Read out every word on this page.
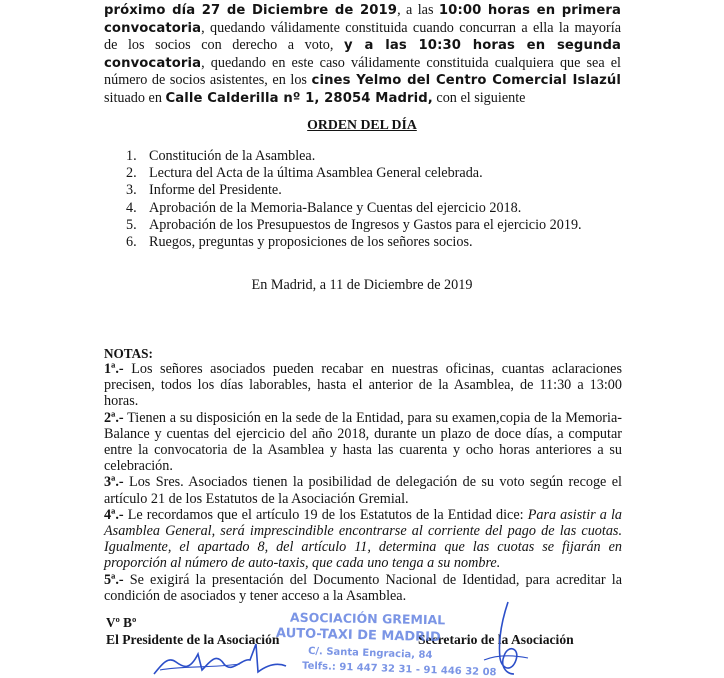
próximo día 27 de Diciembre de 2019, a las 10:00 horas en primera convocatoria, quedando válidamente constituida cuando concurran a ella la mayoría de los socios con derecho a voto, y a las 10:30 horas en segunda convocatoria, quedando en este caso válidamente constituida cualquiera que sea el número de socios asistentes, en los cines Yelmo del Centro Comercial Islazúl situado en Calle Calderilla nº 1, 28054 Madrid, con el siguiente

ORDEN DEL DÍA

1. Constitución de la Asamblea.
2. Lectura del Acta de la última Asamblea General celebrada.
3. Informe del Presidente.
4. Aprobación de la Memoria-Balance y Cuentas del ejercicio 2018.
5. Aprobación de los Presupuestos de Ingresos y Gastos para el ejercicio 2019.
6. Ruegos, preguntas y proposiciones de los señores socios.

En Madrid, a 11 de Diciembre de 2019

NOTAS:

1ª.- Los señores asociados pueden recabar en nuestras oficinas, cuantas aclaraciones precisen, todos los días laborables, hasta el anterior de la Asamblea, de 11:30 a 13:00 horas.

2ª.- Tienen a su disposición en la sede de la Entidad, para su examen,copia de la Memoria-Balance y cuentas del ejercicio del año 2018, durante un plazo de doce días, a computar entre la convocatoria de la Asamblea y hasta las cuarenta y ocho horas anteriores a su celebración.

3ª.- Los Sres. Asociados tienen la posibilidad de delegación de su voto según recoge el artículo 21 de los Estatutos de la Asociación Gremial.

4ª.- Le recordamos que el artículo 19 de los Estatutos de la Entidad dice: Para asistir a la Asamblea General, será imprescindible encontrarse al corriente del pago de las cuotas. Igualmente, el apartado 8, del artículo 11, determina que las cuotas se fijarán en proporción al número de auto-taxis, que cada uno tenga a su nombre.

5ª.- Se exigirá la presentación del Documento Nacional de Identidad, para acreditar la condición de asociados y tener acceso a la Asamblea.

Vº Bº

El Presidente de la Asociación	Secretario de la Asociación

ASOCIACIÓN GREMIAL
AUTO-TAXI DE MADRID
C/. Santa Engracia, 84
Telfs.: 91 447 32 31 - 91 446 32 08
